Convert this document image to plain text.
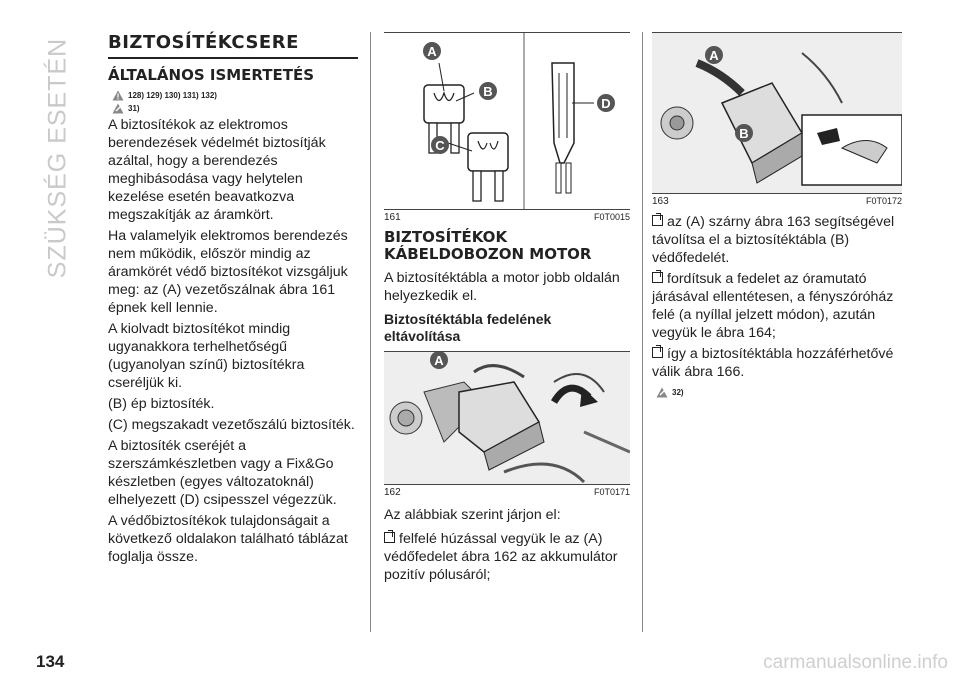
SZÜKSÉG ESETÉN BIZTOSÍTÉKCSERE
ÁLTALÁNOS ISMERTETÉS
128) 129) 130) 131) 132)
31)

A biztosítékok az elektromos berendezések védelmét biztosítják azáltal, hogy a berendezés meghibásodása vagy helytelen kezelése esetén beavatkozva megszakítják az áramkört.

Ha valamelyik elektromos berendezés nem működik, először mindig az áramkörét védő biztosítékot vizsgáljuk meg: az (A) vezetőszálnak ábra 161 épnek kell lennie.

A kiolvadt biztosítékot mindig ugyanakkora terhelhetőségű (ugyanolyan színű) biztosítékra cseréljük ki.

(B) ép biztosíték.

(C) megszakadt vezetőszálú biztosíték.

A biztosíték cseréjét a szerszámkészletben vagy a Fix&Go készletben (egyes változatoknál) elhelyezett (D) csipesszel végezzük.

A védőbiztosítékok tulajdonságait a következő oldalakon található táblázat foglalja össze.

A
B
C
D
161	F0T0015
BIZTOSÍTÉKOK KÁBELDOBOZON MOTOR

A biztosítéktábla a motor jobb oldalán helyezkedik el.

Biztosítéktábla fedelének eltávolítása
A
162	F0T0171

Az alábbiak szerint járjon el:

felfelé húzással vegyük le az (A) védőfedelet ábra 162 az akkumulátor pozitív pólusáról;

A
B
163	F0T0172

az (A) szárny ábra 163 segítségével távolítsa el a biztosítéktábla (B) védőfedelét.

fordítsuk a fedelet az óramutató járásával ellentétesen, a fényszóróház felé (a nyíllal jelzett módon), azután vegyük le ábra 164;

így a biztosítéktábla hozzáférhetővé válik ábra 166.

32)
134	carmanualsonline.info
